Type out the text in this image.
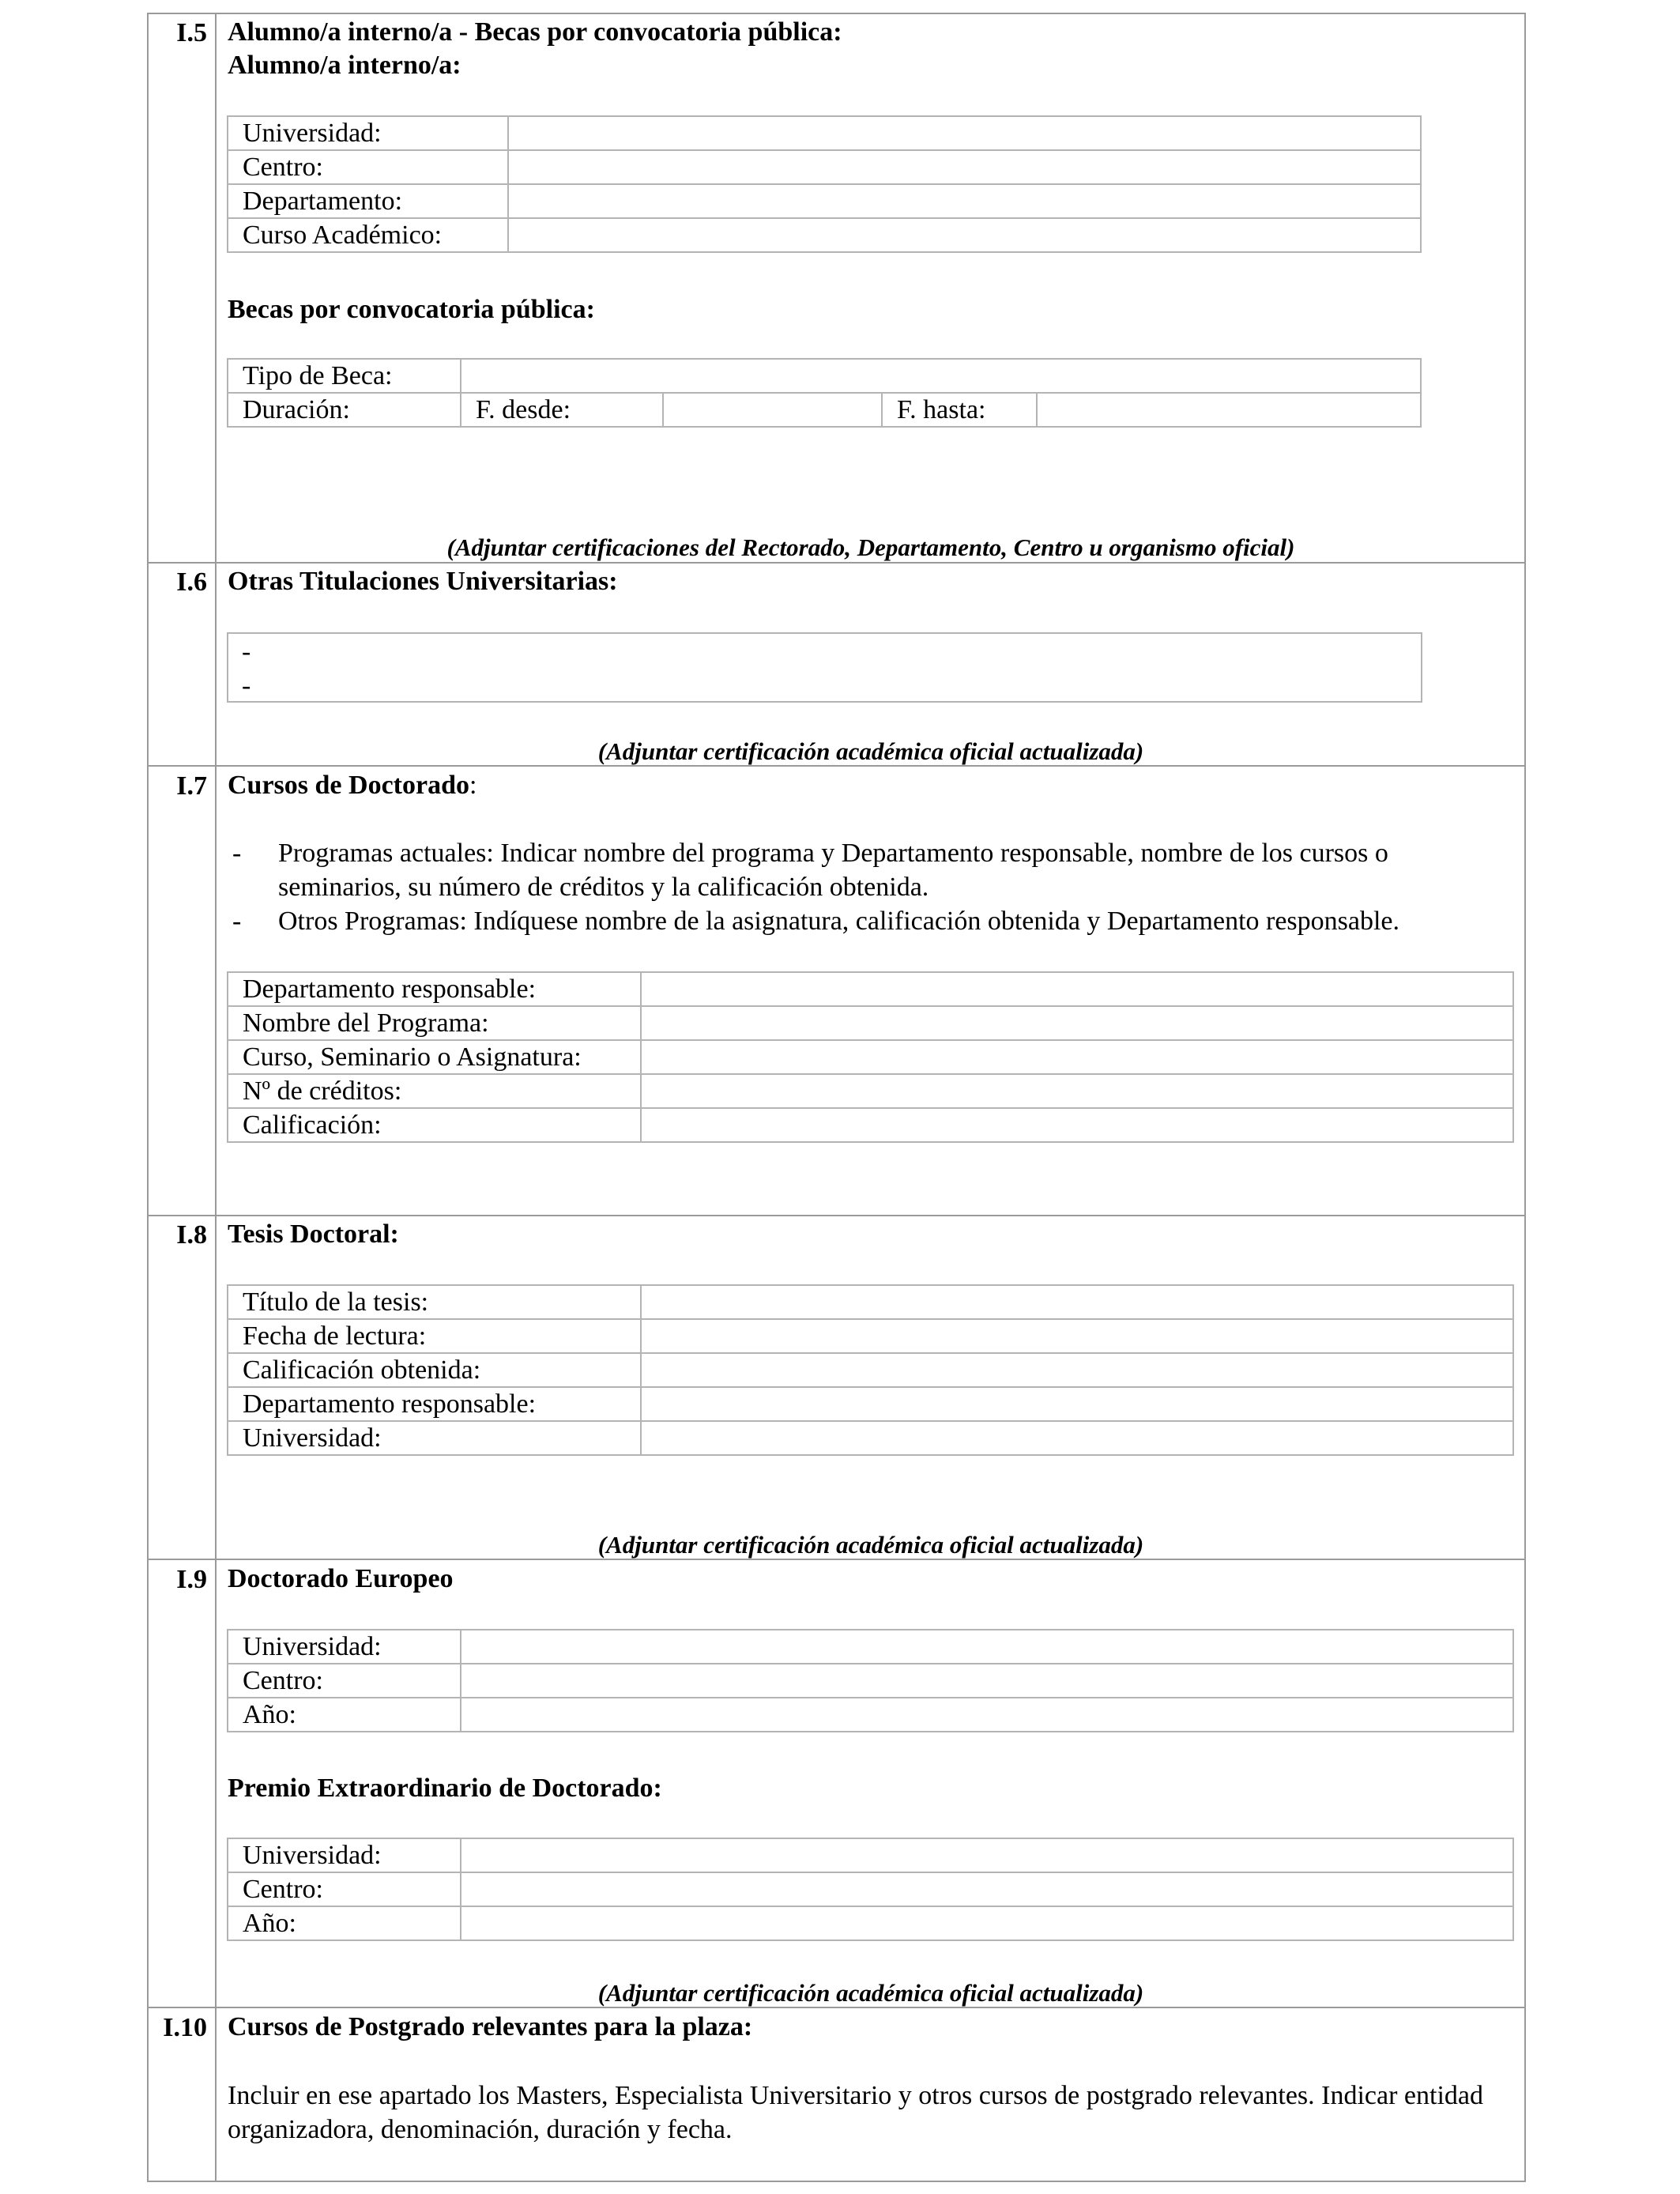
I.5 Alumno/a interno/a - Becas por convocatoria pública:
Alumno/a interno/a:
Universidad:	
Centro:	
Departamento:	
Curso Académico:	
Becas por convocatoria pública:
Tipo de Beca:	
Duración:	F. desde:		F. hasta:	
(Adjuntar certificaciones del Rectorado, Departamento, Centro u organismo oficial)
I.6 Otras Titulaciones Universitarias:
-
-
(Adjuntar certificación académica oficial actualizada)
I.7 Cursos de Doctorado:
- Programas actuales: Indicar nombre del programa y Departamento responsable, nombre de los cursos o seminarios, su número de créditos y la calificación obtenida.
- Otros Programas: Indíquese nombre de la asignatura, calificación obtenida y Departamento responsable.
Departamento responsable:	
Nombre del Programa:	
Curso, Seminario o Asignatura:	
Nº de créditos:	
Calificación:	
I.8 Tesis Doctoral:
Título de la tesis:	
Fecha de lectura:	
Calificación obtenida:	
Departamento responsable:	
Universidad:	
(Adjuntar certificación académica oficial actualizada)
I.9 Doctorado Europeo
Universidad:	
Centro:	
Año:	
Premio Extraordinario de Doctorado:
Universidad:	
Centro:	
Año:	
(Adjuntar certificación académica oficial actualizada)
I.10 Cursos de Postgrado relevantes para la plaza:
Incluir en ese apartado los Masters, Especialista Universitario y otros cursos de postgrado relevantes. Indicar entidad organizadora, denominación, duración y fecha.
